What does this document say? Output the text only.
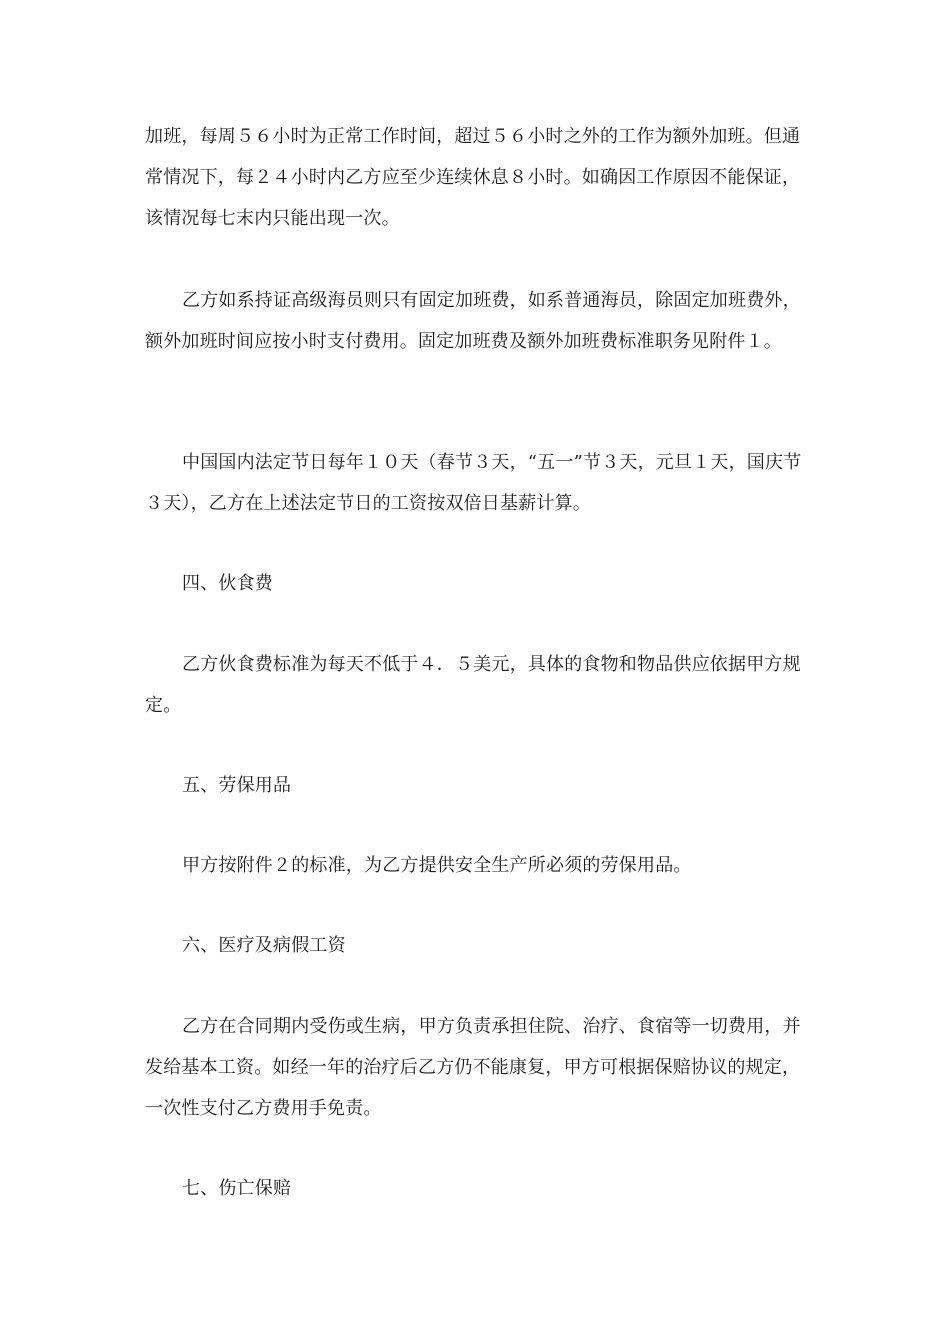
加班，每周５６小时为正常工作时间，超过５６小时之外的工作为额外加班。但通常情况下，每２４小时内乙方应至少连续休息８小时。如确因工作原因不能保证，该情况每七末内只能出现一次。

乙方如系持证高级海员则只有固定加班费，如系普通海员，除固定加班费外，额外加班时间应按小时支付费用。固定加班费及额外加班费标准职务见附件１。

中国国内法定节日每年１０天（春节３天，“五一”节３天，元旦１天，国庆节３天），乙方在上述法定节日的工资按双倍日基薪计算。

四、伙食费

乙方伙食费标准为每天不低于４．５美元，具体的食物和物品供应依据甲方规定。

五、劳保用品

甲方按附件２的标准，为乙方提供安全生产所必须的劳保用品。

六、医疗及病假工资

乙方在合同期内受伤或生病，甲方负责承担住院、治疗、食宿等一切费用，并发给基本工资。如经一年的治疗后乙方仍不能康复，甲方可根据保赔协议的规定，一次性支付乙方费用手免责。

七、伤亡保赔
